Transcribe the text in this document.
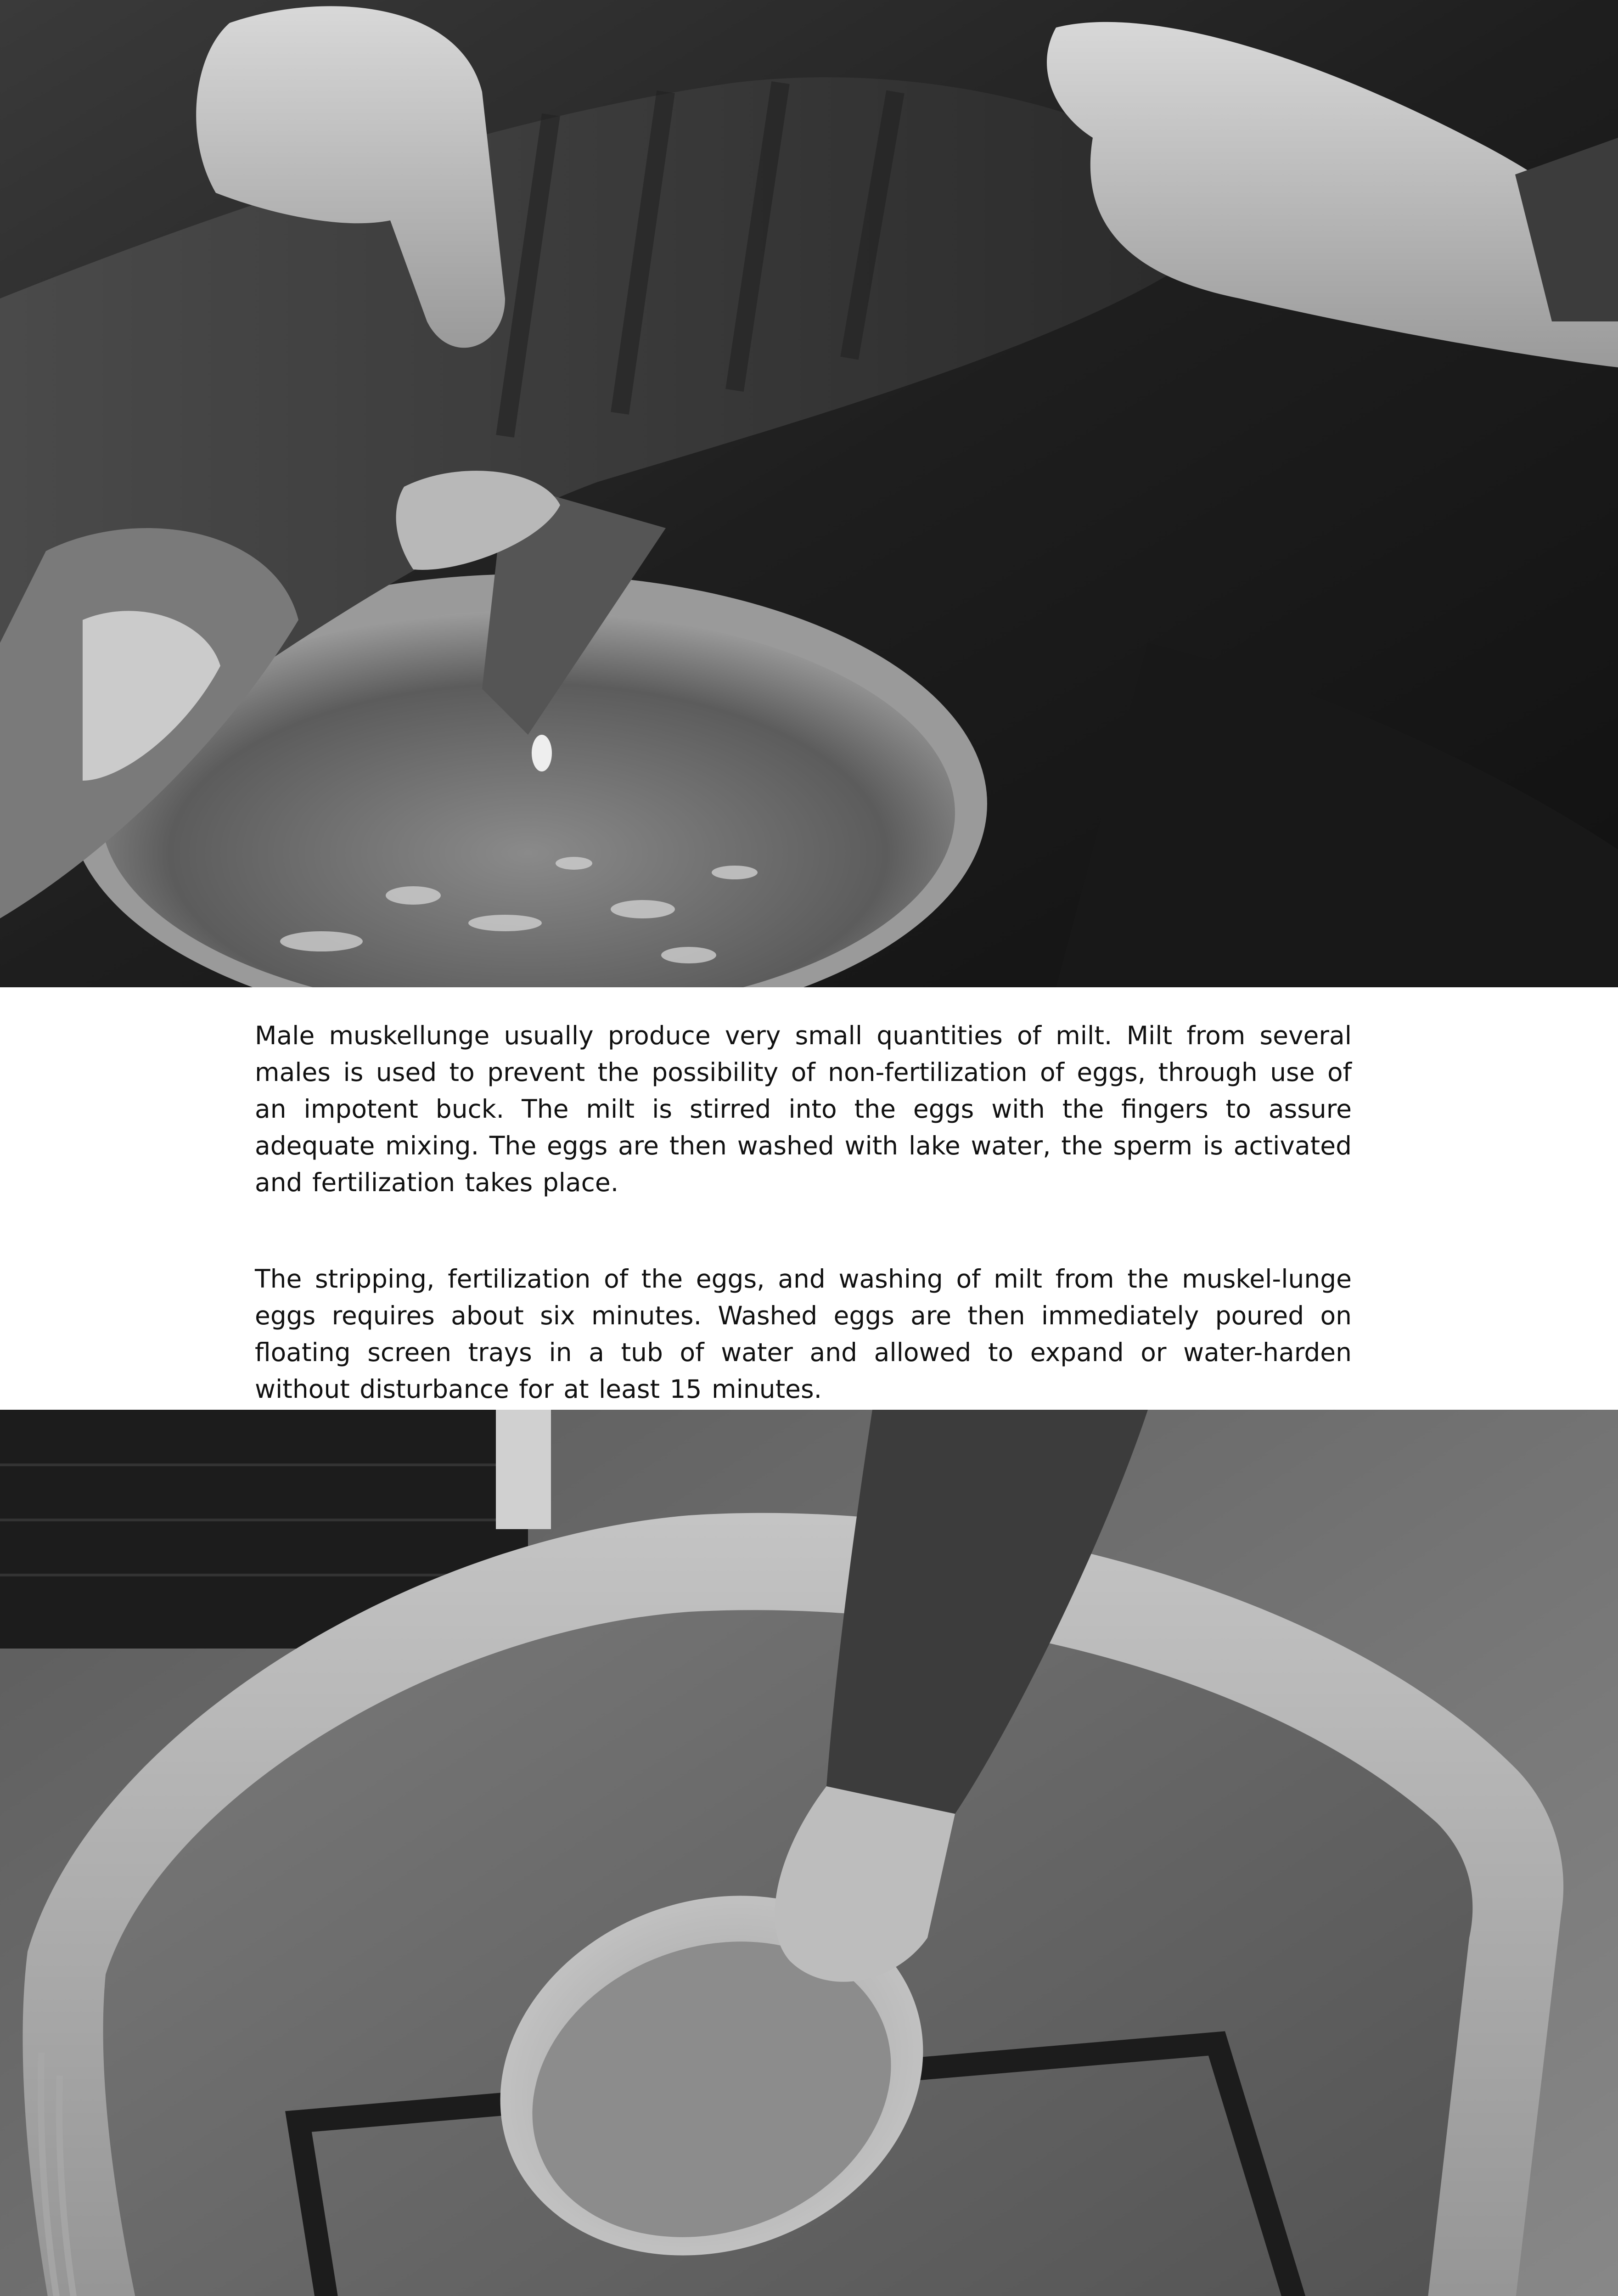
Male muskellunge usually produce very small quantities of milt. Milt from several males is used to prevent the possibility of non-fertilization of eggs, through use of an impotent buck. The milt is stirred into the eggs with the fingers to assure adequate mixing. The eggs are then washed with lake water, the sperm is activated and fertilization takes place.

The stripping, fertilization of the eggs, and washing of milt from the muskel-lunge eggs requires about six minutes. Washed eggs are then immediately poured on floating screen trays in a tub of water and allowed to expand or water-harden without disturbance for at least 15 minutes.
